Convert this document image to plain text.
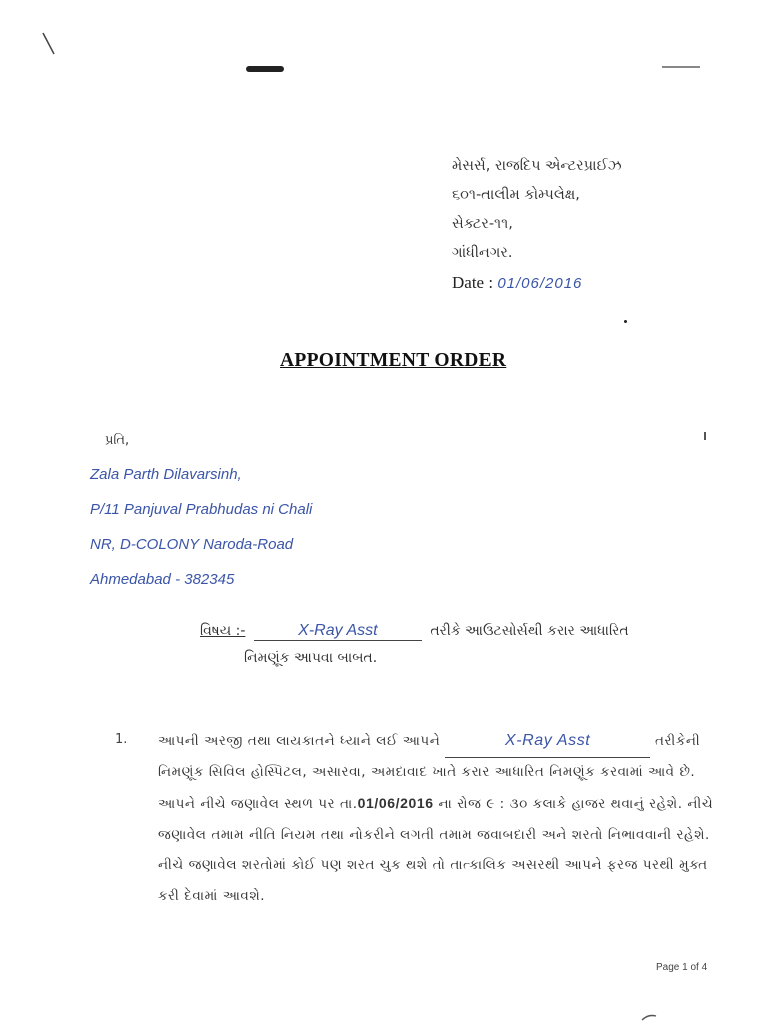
મેસર્સ, રાજદિપ એન્ટરપ્રાઈઝ
૬૦૧-તાલીમ કોમ્પલેક્ષ,
સેક્ટર-૧૧,
ગાંધીનગર.
Date : 01/06/2016
APPOINTMENT ORDER
પ્રતિ,
Zala Parth Dilavarsinh,
P/11 Panjuval Prabhudas ni Chali
NR, D-COLONY Naroda-Road
Ahmedabad - 382345
વિષય :-	X-Ray Asst	તરીકે આઉટસોર્સથી કરાર આધારિત
નિમણૂંક આપવા બાબત.
1. આપની અરજી તથા લાયકાતને ધ્યાને લઈ આપને	X-Ray Asst	તરીકેની નિમણૂંક સિવિલ હોસ્પિટલ, અસારવા, અમદાવાદ ખાતે કરાર આધારિત નિમણૂંક કરવામાં આવે છે. આપને નીચે જણાવેલ સ્થળ પર તા.01/06/2016 ના રોજ ૯ : ૩૦ કલાકે હાજર થવાનું રહેશે. નીચે જણાવેલ તમામ નીતિ નિયમ તથા નોકરીને લગતી તમામ જવાબદારી અને શરતો નિભાવવાની રહેશે. નીચે જણાવેલ શરતોમાં કોઈ પણ શરત ચુક થશે તો તાત્કાલિક અસરથી આપને ફરજ પરથી મુક્ત કરી દેવામાં આવશે.
Page 1 of 4
